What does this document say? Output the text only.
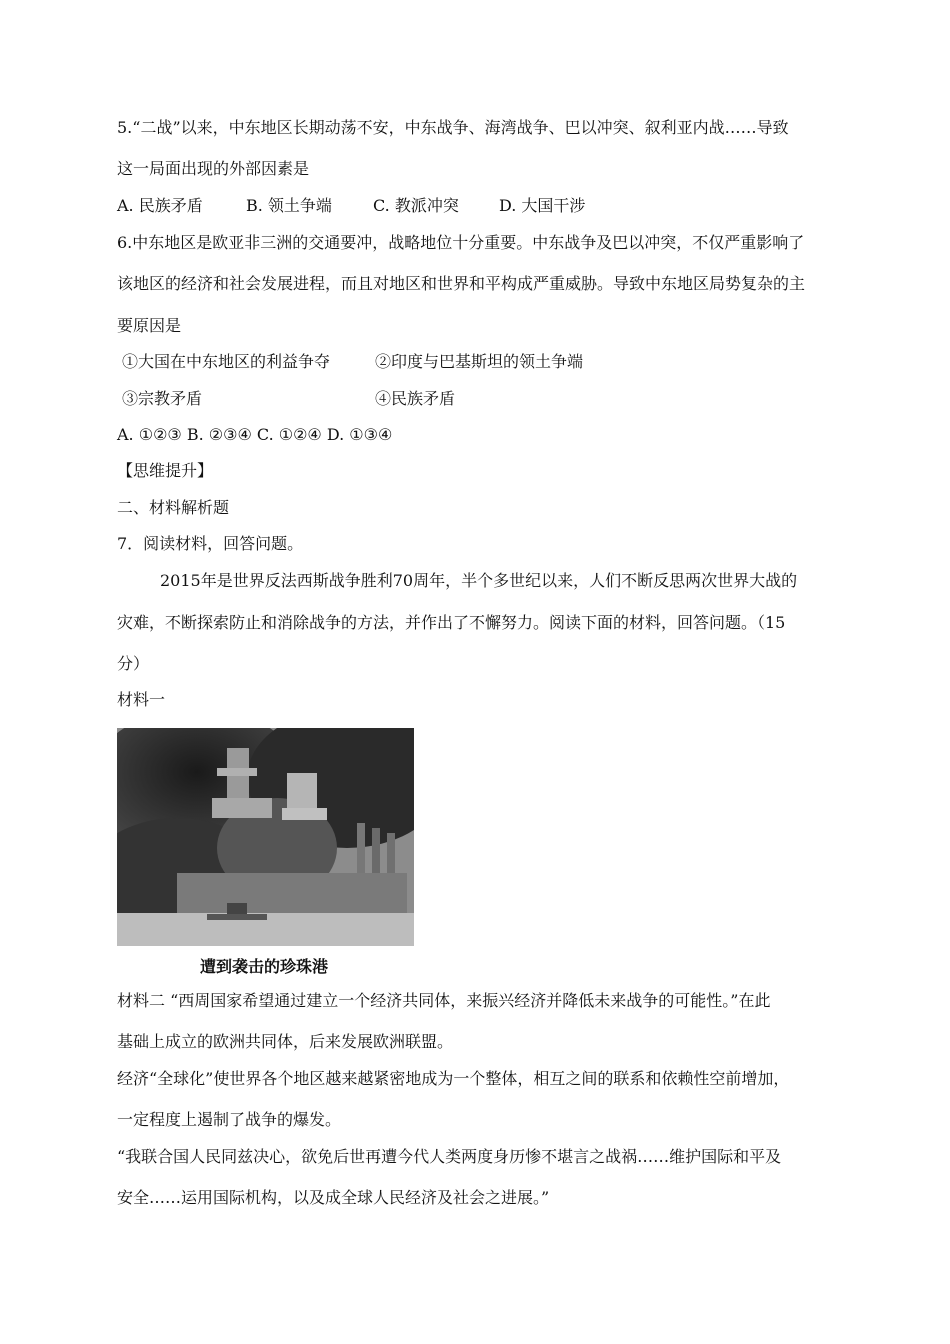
5.“二战”以来，中东地区长期动荡不安，中东战争、海湾战争、巴以冲突、叙利亚内战……导致
这一局面出现的外部因素是
A. 民族矛盾	B. 领土争端	C. 教派冲突	D. 大国干涉
6.中东地区是欧亚非三洲的交通要冲，战略地位十分重要。中东战争及巴以冲突，不仅严重影响了
该地区的经济和社会发展进程，而且对地区和世界和平构成严重威胁。导致中东地区局势复杂的主
要原因是
①大国在中东地区的利益争夺	②印度与巴基斯坦的领土争端
③宗教矛盾	④民族矛盾
A. ①②③ B. ②③④ C. ①②④ D. ①③④
【思维提升】
二、材料解析题
7．阅读材料，回答问题。
2015年是世界反法西斯战争胜利70周年，半个多世纪以来，人们不断反思两次世界大战的
灾难，不断探索防止和消除战争的方法，并作出了不懈努力。阅读下面的材料，回答问题。（15
分）
材料一
遭到袭击的珍珠港
材料二 “西周国家希望通过建立一个经济共同体，来振兴经济并降低未来战争的可能性。”在此
基础上成立的欧洲共同体，后来发展欧洲联盟。
经济“全球化”使世界各个地区越来越紧密地成为一个整体，相互之间的联系和依赖性空前增加，
一定程度上遏制了战争的爆发。
“我联合国人民同兹决心，欲免后世再遭今代人类两度身历惨不堪言之战祸……维护国际和平及
安全……运用国际机构，以及成全球人民经济及社会之进展。”
